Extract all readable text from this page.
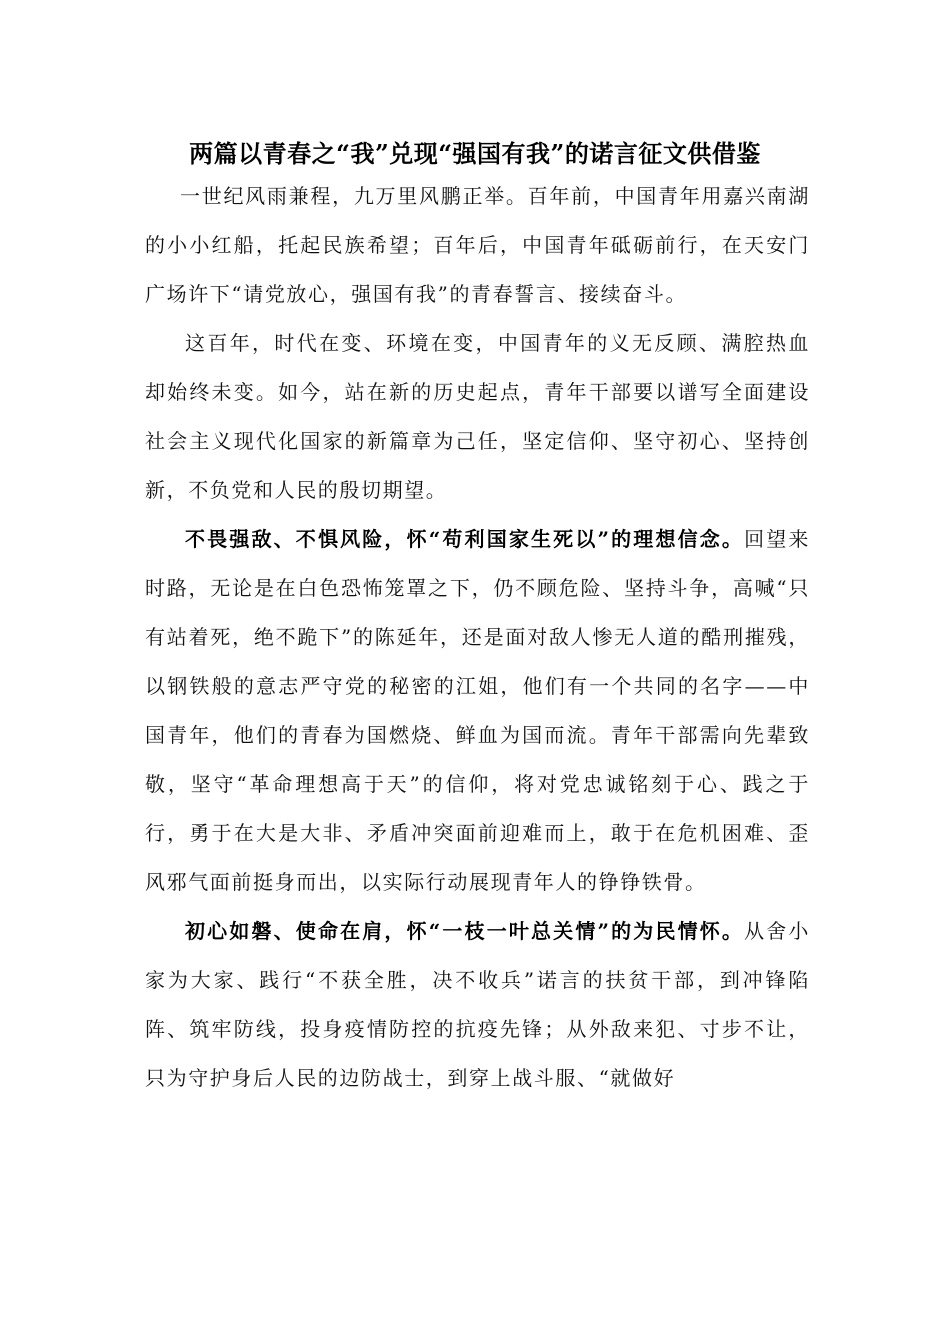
两篇以青春之“我”兑现“强国有我”的诺言征文供借鉴

一世纪风雨兼程，九万里风鹏正举。百年前，中国青年用嘉兴南湖的小小红船，托起民族希望；百年后，中国青年砥砺前行，在天安门广场许下“请党放心，强国有我”的青春誓言、接续奋斗。

这百年，时代在变、环境在变，中国青年的义无反顾、满腔热血却始终未变。如今，站在新的历史起点，青年干部要以谱写全面建设社会主义现代化国家的新篇章为己任，坚定信仰、坚守初心、坚持创新，不负党和人民的殷切期望。

不畏强敌、不惧风险，怀“苟利国家生死以”的理想信念。回望来时路，无论是在白色恐怖笼罩之下，仍不顾危险、坚持斗争，高喊“只有站着死，绝不跪下”的陈延年，还是面对敌人惨无人道的酷刑摧残，以钢铁般的意志严守党的秘密的江姐，他们有一个共同的名字——中国青年，他们的青春为国燃烧、鲜血为国而流。青年干部需向先辈致敬，坚守“革命理想高于天”的信仰，将对党忠诚铭刻于心、践之于行，勇于在大是大非、矛盾冲突面前迎难而上，敢于在危机困难、歪风邪气面前挺身而出，以实际行动展现青年人的铮铮铁骨。

初心如磐、使命在肩，怀“一枝一叶总关情”的为民情怀。从舍小家为大家、践行“不获全胜，决不收兵”诺言的扶贫干部，到冲锋陷阵、筑牢防线，投身疫情防控的抗疫先锋；从外敌来犯、寸步不让，只为守护身后人民的边防战士，到穿上战斗服、“就做好
